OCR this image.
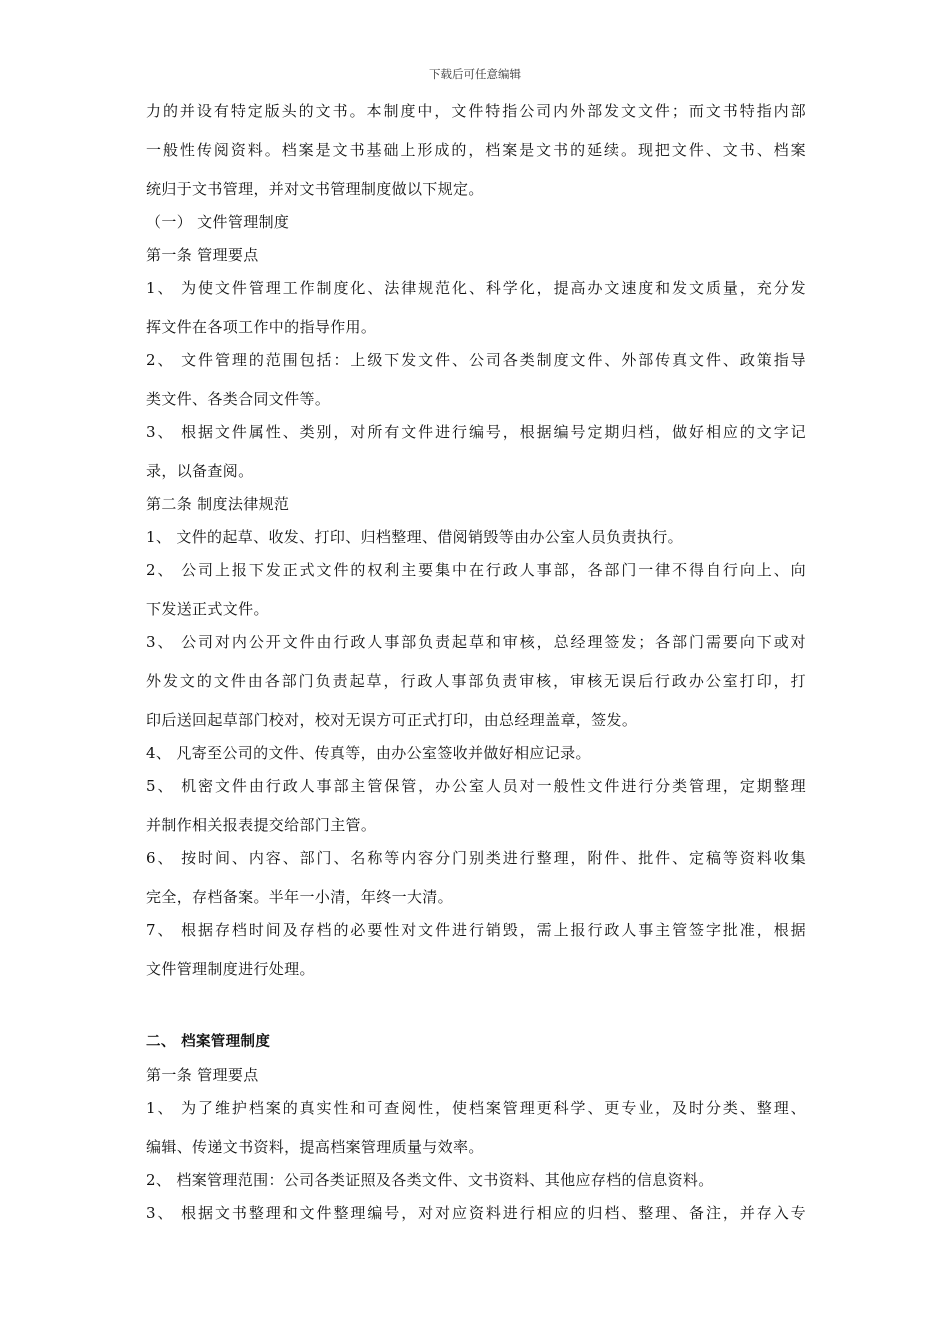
下载后可任意编辑
力的并设有特定版头的文书。本制度中，文件特指公司内外部发文文件；而文书特指内部
一般性传阅资料。档案是文书基础上形成的，档案是文书的延续。现把文件、文书、档案
统归于文书管理，并对文书管理制度做以下规定。
（一） 文件管理制度
第一条 管理要点
1、 为使文件管理工作制度化、法律规范化、科学化，提高办文速度和发文质量，充分发
挥文件在各项工作中的指导作用。
2、 文件管理的范围包括：上级下发文件、公司各类制度文件、外部传真文件、政策指导
类文件、各类合同文件等。
3、 根据文件属性、类别，对所有文件进行编号，根据编号定期归档，做好相应的文字记
录，以备查阅。
第二条 制度法律规范
1、 文件的起草、收发、打印、归档整理、借阅销毁等由办公室人员负责执行。
2、 公司上报下发正式文件的权利主要集中在行政人事部，各部门一律不得自行向上、向
下发送正式文件。
3、 公司对内公开文件由行政人事部负责起草和审核，总经理签发；各部门需要向下或对
外发文的文件由各部门负责起草，行政人事部负责审核，审核无误后行政办公室打印，打
印后送回起草部门校对，校对无误方可正式打印，由总经理盖章，签发。
4、 凡寄至公司的文件、传真等，由办公室签收并做好相应记录。
5、 机密文件由行政人事部主管保管，办公室人员对一般性文件进行分类管理，定期整理
并制作相关报表提交给部门主管。
6、 按时间、内容、部门、名称等内容分门别类进行整理，附件、批件、定稿等资料收集
完全，存档备案。半年一小清，年终一大清。
7、 根据存档时间及存档的必要性对文件进行销毁，需上报行政人事主管签字批准，根据
文件管理制度进行处理。
二、 档案管理制度
第一条 管理要点
1、 为了维护档案的真实性和可查阅性，使档案管理更科学、更专业，及时分类、整理、
编辑、传递文书资料，提高档案管理质量与效率。
2、 档案管理范围：公司各类证照及各类文件、文书资料、其他应存档的信息资料。
3、 根据文书整理和文件整理编号，对对应资料进行相应的归档、整理、备注，并存入专
